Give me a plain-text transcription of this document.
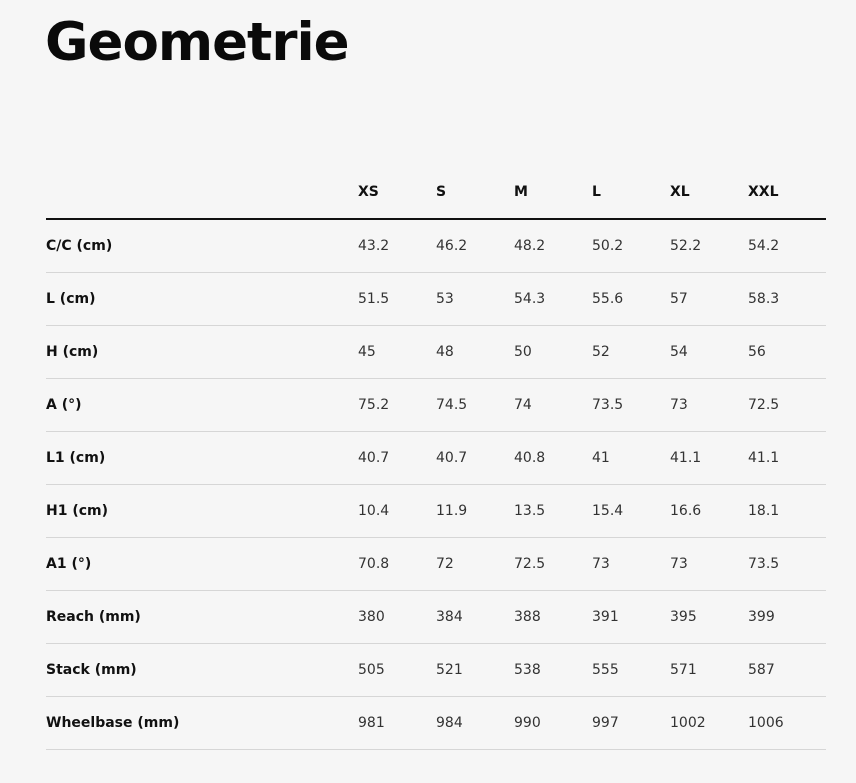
Geometrie
	XS	S	M	L	XL	XXL
C/C (cm)	43.2	46.2	48.2	50.2	52.2	54.2
L (cm)	51.5	53	54.3	55.6	57	58.3
H (cm)	45	48	50	52	54	56
A (°)	75.2	74.5	74	73.5	73	72.5
L1 (cm)	40.7	40.7	40.8	41	41.1	41.1
H1 (cm)	10.4	11.9	13.5	15.4	16.6	18.1
A1 (°)	70.8	72	72.5	73	73	73.5
Reach (mm)	380	384	388	391	395	399
Stack (mm)	505	521	538	555	571	587
Wheelbase (mm)	981	984	990	997	1002	1006
